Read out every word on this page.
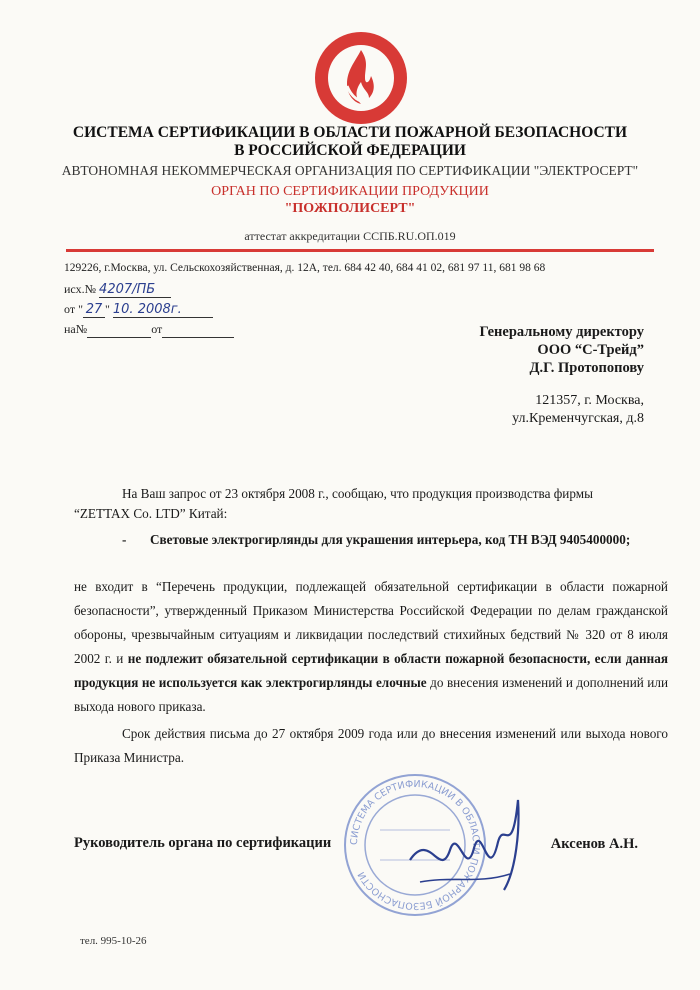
СИСТЕМА СЕРТИФИКАЦИИ В ОБЛАСТИ ПОЖАРНОЙ БЕЗОПАСНОСТИ
В РОССИЙСКОЙ ФЕДЕРАЦИИ
АВТОНОМНАЯ НЕКОММЕРЧЕСКАЯ ОРГАНИЗАЦИЯ ПО СЕРТИФИКАЦИИ "ЭЛЕКТРОСЕРТ"
ОРГАН ПО СЕРТИФИКАЦИИ ПРОДУКЦИИ
"ПОЖПОЛИСЕРТ"
аттестат аккредитации ССПБ.RU.ОП.019
129226, г.Москва, ул. Сельскохозяйственная, д. 12А, тел. 684 42 40, 684 41 02, 681 97 11, 681 98 68
исх.№ 4207/ПБ
от " 27 " 10. 2008г.
на№	от	Генеральному директору
ООО “С-Трейд”
Д.Г. Протопопову
121357, г. Москва,
ул.Кременчугская, д.8
На Ваш запрос от 23 октября 2008 г., сообщаю, что продукция производства фирмы
“ZETTAX Co. LTD” Китай:
- Световые электрогирлянды для украшения интерьера, код ТН ВЭД 9405400000;
не входит в “Перечень продукции, подлежащей обязательной сертификации в области пожарной безопасности”, утвержденный Приказом Министерства Российской Федерации по делам гражданской обороны, чрезвычайным ситуациям и ликвидации последствий стихийных бедствий № 320 от 8 июля 2002 г. и не подлежит обязательной сертификации в области пожарной безопасности, если данная продукция не используется как электрогирлянды елочные до внесения изменений и дополнений или выхода нового приказа.
Срок действия письма до 27 октября 2009 года или до внесения изменений или выхода нового Приказа Министра.
СИСТЕМА СЕРТИФИКАЦИИ В ОБЛАСТИ ПОЖАРНОЙ БЕЗОПАСНОСТИ
Руководитель органа по сертификации	Аксенов А.Н.
тел. 995-10-26
